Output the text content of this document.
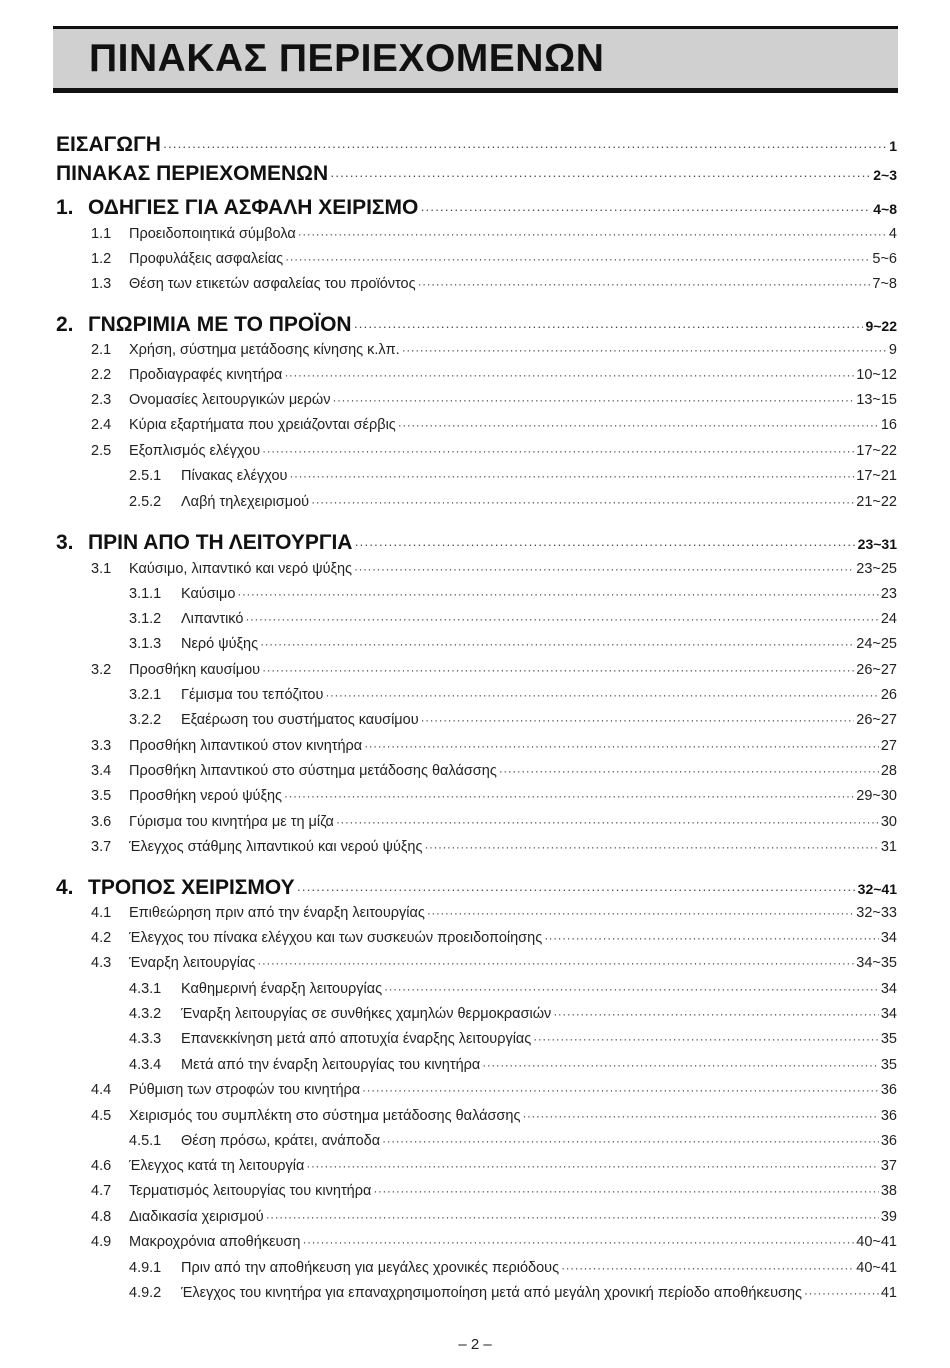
ΠΙΝΑΚΑΣ ΠΕΡΙΕΧΟΜΕΝΩΝ
ΕΙΣΑΓΩΓΗ ·····	1
ΠΙΝΑΚΑΣ ΠΕΡΙΕΧΟΜΕΝΩΝ ·····	2~3
1. ΟΔΗΓΙΕΣ ΓΙΑ ΑΣΦΑΛΗ ΧΕΙΡΙΣΜΟ ·····	4~8
1.1	Προειδοποιητικά σύμβολα ·····	4
1.2	Προφυλάξεις ασφαλείας ·····	5~6
1.3	Θέση των ετικετών ασφαλείας του προϊόντος ·····	7~8
2. ΓΝΩΡΙΜΙΑ ΜΕ ΤΟ ΠΡΟΪΟΝ ·····	9~22
2.1	Χρήση, σύστημα μετάδοσης κίνησης κ.λπ. ·····	9
2.2	Προδιαγραφές κινητήρα ·····	10~12
2.3	Ονομασίες λειτουργικών μερών ·····	13~15
2.4	Κύρια εξαρτήματα που χρειάζονται σέρβις ·····	16
2.5	Εξοπλισμός ελέγχου ·····	17~22
2.5.1	Πίνακας ελέγχου ·····	17~21
2.5.2	Λαβή τηλεχειρισμού ·····	21~22
3. ΠΡΙΝ ΑΠΟ ΤΗ ΛΕΙΤΟΥΡΓΙΑ ·····	23~31
3.1	Καύσιμο, λιπαντικό και νερό ψύξης ·····	23~25
3.1.1	Καύσιμο ·····	23
3.1.2	Λιπαντικό ·····	24
3.1.3	Νερό ψύξης ·····	24~25
3.2	Προσθήκη καυσίμου ·····	26~27
3.2.1	Γέμισμα του τεπόζιτου ·····	26
3.2.2	Εξαέρωση του συστήματος καυσίμου ·····	26~27
3.3	Προσθήκη λιπαντικού στον κινητήρα ·····	27
3.4	Προσθήκη λιπαντικού στο σύστημα μετάδοσης θαλάσσης ·····	28
3.5	Προσθήκη νερού ψύξης ·····	29~30
3.6	Γύρισμα του κινητήρα με τη μίζα ·····	30
3.7	Έλεγχος στάθμης λιπαντικού και νερού ψύξης ·····	31
4. ΤΡΟΠΟΣ ΧΕΙΡΙΣΜΟΥ ·····	32~41
4.1	Επιθεώρηση πριν από την έναρξη λειτουργίας ·····	32~33
4.2	Έλεγχος του πίνακα ελέγχου και των συσκευών προειδοποίησης ·····	34
4.3	Έναρξη λειτουργίας ·····	34~35
4.3.1	Καθημερινή έναρξη λειτουργίας ·····	34
4.3.2	Έναρξη λειτουργίας σε συνθήκες χαμηλών θερμοκρασιών ·····	34
4.3.3	Επανεκκίνηση μετά από αποτυχία έναρξης λειτουργίας ·····	35
4.3.4	Μετά από την έναρξη λειτουργίας του κινητήρα ·····	35
4.4	Ρύθμιση των στροφών του κινητήρα ·····	36
4.5	Χειρισμός του συμπλέκτη στο σύστημα μετάδοσης θαλάσσης ·····	36
4.5.1	Θέση πρόσω, κράτει, ανάποδα ·····	36
4.6	Έλεγχος κατά τη λειτουργία ·····	37
4.7	Τερματισμός λειτουργίας του κινητήρα ·····	38
4.8	Διαδικασία χειρισμού ·····	39
4.9	Μακροχρόνια αποθήκευση ·····	40~41
4.9.1	Πριν από την αποθήκευση για μεγάλες χρονικές περιόδους ·····	40~41
4.9.2	Έλεγχος του κινητήρα για επαναχρησιμοποίηση μετά από μεγάλη χρονική περίοδο αποθήκευσης ·····	41
– 2 –
